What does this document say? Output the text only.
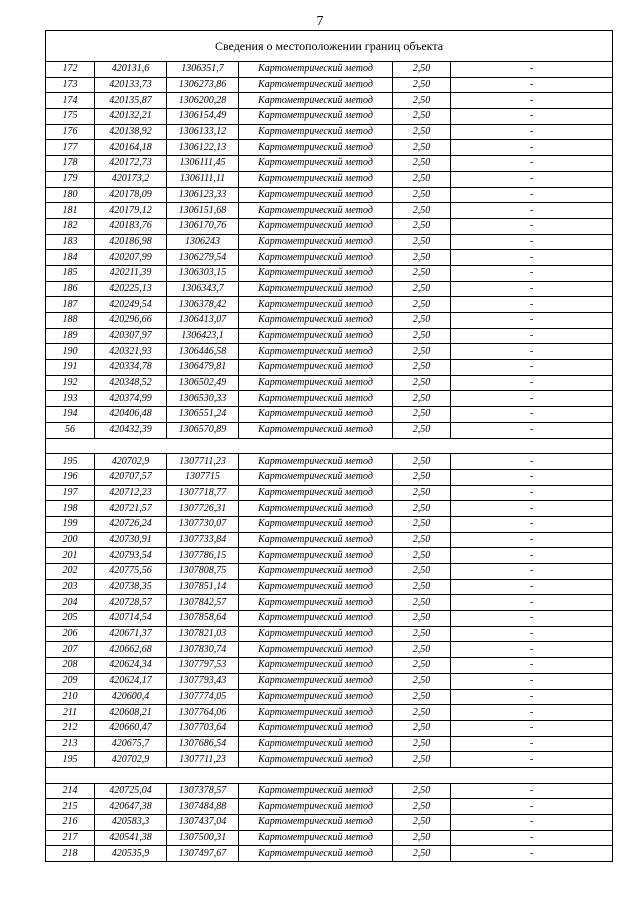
7
Сведения о местоположении границ объекта					
172	420131,6	1306351,7	Картометрический метод	2,50	-
173	420133,73	1306273,86	Картометрический метод	2,50	-
174	420135,87	1306200,28	Картометрический метод	2,50	-
175	420132,21	1306154,49	Картометрический метод	2,50	-
176	420138,92	1306133,12	Картометрический метод	2,50	-
177	420164,18	1306122,13	Картометрический метод	2,50	-
178	420172,73	1306111,45	Картометрический метод	2,50	-
179	420173,2	1306111,11	Картометрический метод	2,50	-
180	420178,09	1306123,33	Картометрический метод	2,50	-
181	420179,12	1306151,68	Картометрический метод	2,50	-
182	420183,76	1306170,76	Картометрический метод	2,50	-
183	420186,98	1306243	Картометрический метод	2,50	-
184	420207,99	1306279,54	Картометрический метод	2,50	-
185	420211,39	1306303,15	Картометрический метод	2,50	-
186	420225,13	1306343,7	Картометрический метод	2,50	-
187	420249,54	1306378,42	Картометрический метод	2,50	-
188	420296,66	1306413,07	Картометрический метод	2,50	-
189	420307,97	1306423,1	Картометрический метод	2,50	-
190	420321,93	1306446,58	Картометрический метод	2,50	-
191	420334,78	1306479,81	Картометрический метод	2,50	-
192	420348,52	1306502,49	Картометрический метод	2,50	-
193	420374,99	1306530,33	Картометрический метод	2,50	-
194	420406,48	1306551,24	Картометрический метод	2,50	-
56	420432,39	1306570,89	Картометрический метод	2,50	-

195	420702,9	1307711,23	Картометрический метод	2,50	-
196	420707,57	1307715	Картометрический метод	2,50	-
197	420712,23	1307718,77	Картометрический метод	2,50	-
198	420721,57	1307726,31	Картометрический метод	2,50	-
199	420726,24	1307730,07	Картометрический метод	2,50	-
200	420730,91	1307733,84	Картометрический метод	2,50	-
201	420793,54	1307786,15	Картометрический метод	2,50	-
202	420775,56	1307808,75	Картометрический метод	2,50	-
203	420738,35	1307851,14	Картометрический метод	2,50	-
204	420728,57	1307842,57	Картометрический метод	2,50	-
205	420714,54	1307858,64	Картометрический метод	2,50	-
206	420671,37	1307821,03	Картометрический метод	2,50	-
207	420662,68	1307830,74	Картометрический метод	2,50	-
208	420624,34	1307797,53	Картометрический метод	2,50	-
209	420624,17	1307793,43	Картометрический метод	2,50	-
210	420600,4	1307774,05	Картометрический метод	2,50	-
211	420608,21	1307764,06	Картометрический метод	2,50	-
212	420660,47	1307703,64	Картометрический метод	2,50	-
213	420675,7	1307686,54	Картометрический метод	2,50	-
195	420702,9	1307711,23	Картометрический метод	2,50	-

214	420725,04	1307378,57	Картометрический метод	2,50	-
215	420647,38	1307484,88	Картометрический метод	2,50	-
216	420583,3	1307437,04	Картометрический метод	2,50	-
217	420541,38	1307500,31	Картометрический метод	2,50	-
218	420535,9	1307497,67	Картометрический метод	2,50	-
